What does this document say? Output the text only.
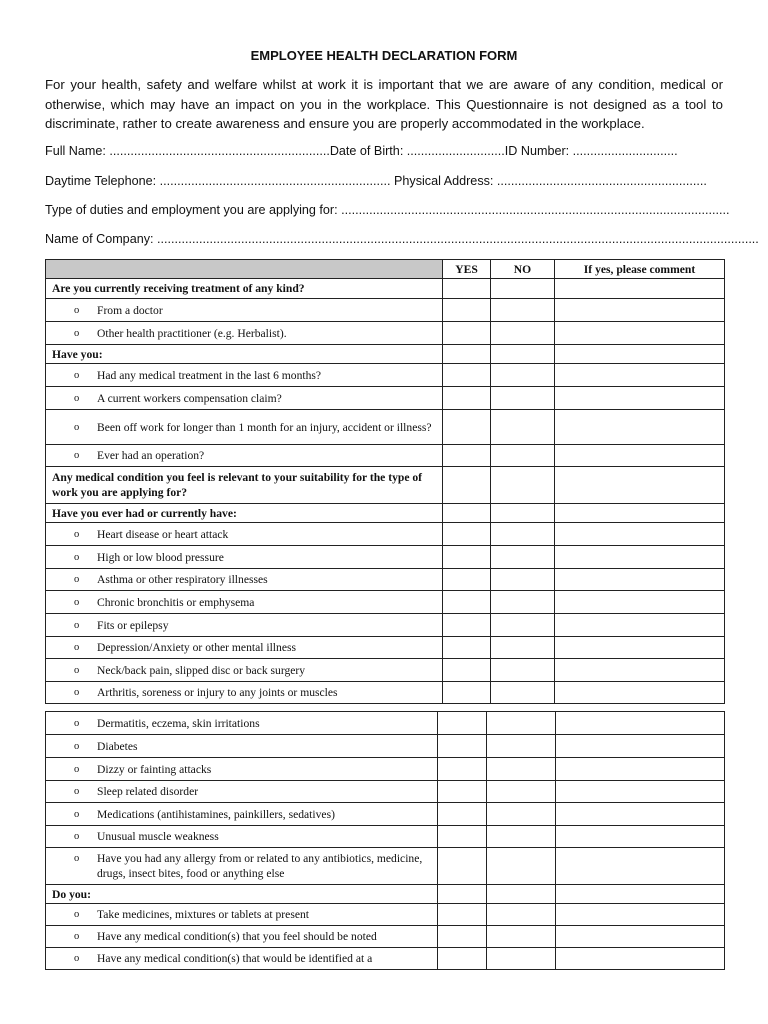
EMPLOYEE HEALTH DECLARATION FORM
For your health, safety and welfare whilst at work it is important that we are aware of any condition, medical or otherwise, which may have an impact on you in the workplace. This Questionnaire is not designed as a tool to discriminate, rather to create awareness and ensure you are properly accommodated in the workplace.
Full Name: ...............................................................Date of Birth: ............................ID Number: ..............................
Daytime Telephone: .................................................................. Physical Address: ............................................................
Type of duties and employment you are applying for: ...............................................................................................................
Name of Company: ............................................................................................................................................................................
	YES	NO	If yes, please comment
Are you currently receiving treatment of any kind?			

o From a doctor			

o Other health practitioner (e.g. Herbalist).			

Have you:			

o Had any medical treatment in the last 6 months?			

o A current workers compensation claim?			

o Been off work for longer than 1 month for an injury, accident or illness?			

o Ever had an operation?			

Any medical condition you feel is relevant to your suitability for the type of work you are applying for?			
Have you ever had or currently have:			

o Heart disease or heart attack			

o High or low blood pressure			

o Asthma or other respiratory illnesses			

o Chronic bronchitis or emphysema			

o Fits or epilepsy			

o Depression/Anxiety or other mental illness			

o Neck/back pain, slipped disc or back surgery			

o Arthritis, soreness or injury to any joints or muscles			

o Dermatitis, eczema, skin irritations			

o Diabetes			

o Dizzy or fainting attacks			

o Sleep related disorder			

o Medications (antihistamines, painkillers, sedatives)			

o Unusual muscle weakness			

o Have you had any allergy from or related to any antibiotics, medicine, drugs, insect bites, food or anything else			

Do you:			

o Take medicines, mixtures or tablets at present			

o Have any medical condition(s) that you feel should be noted			

o Have any medical condition(s) that would be identified at a			
